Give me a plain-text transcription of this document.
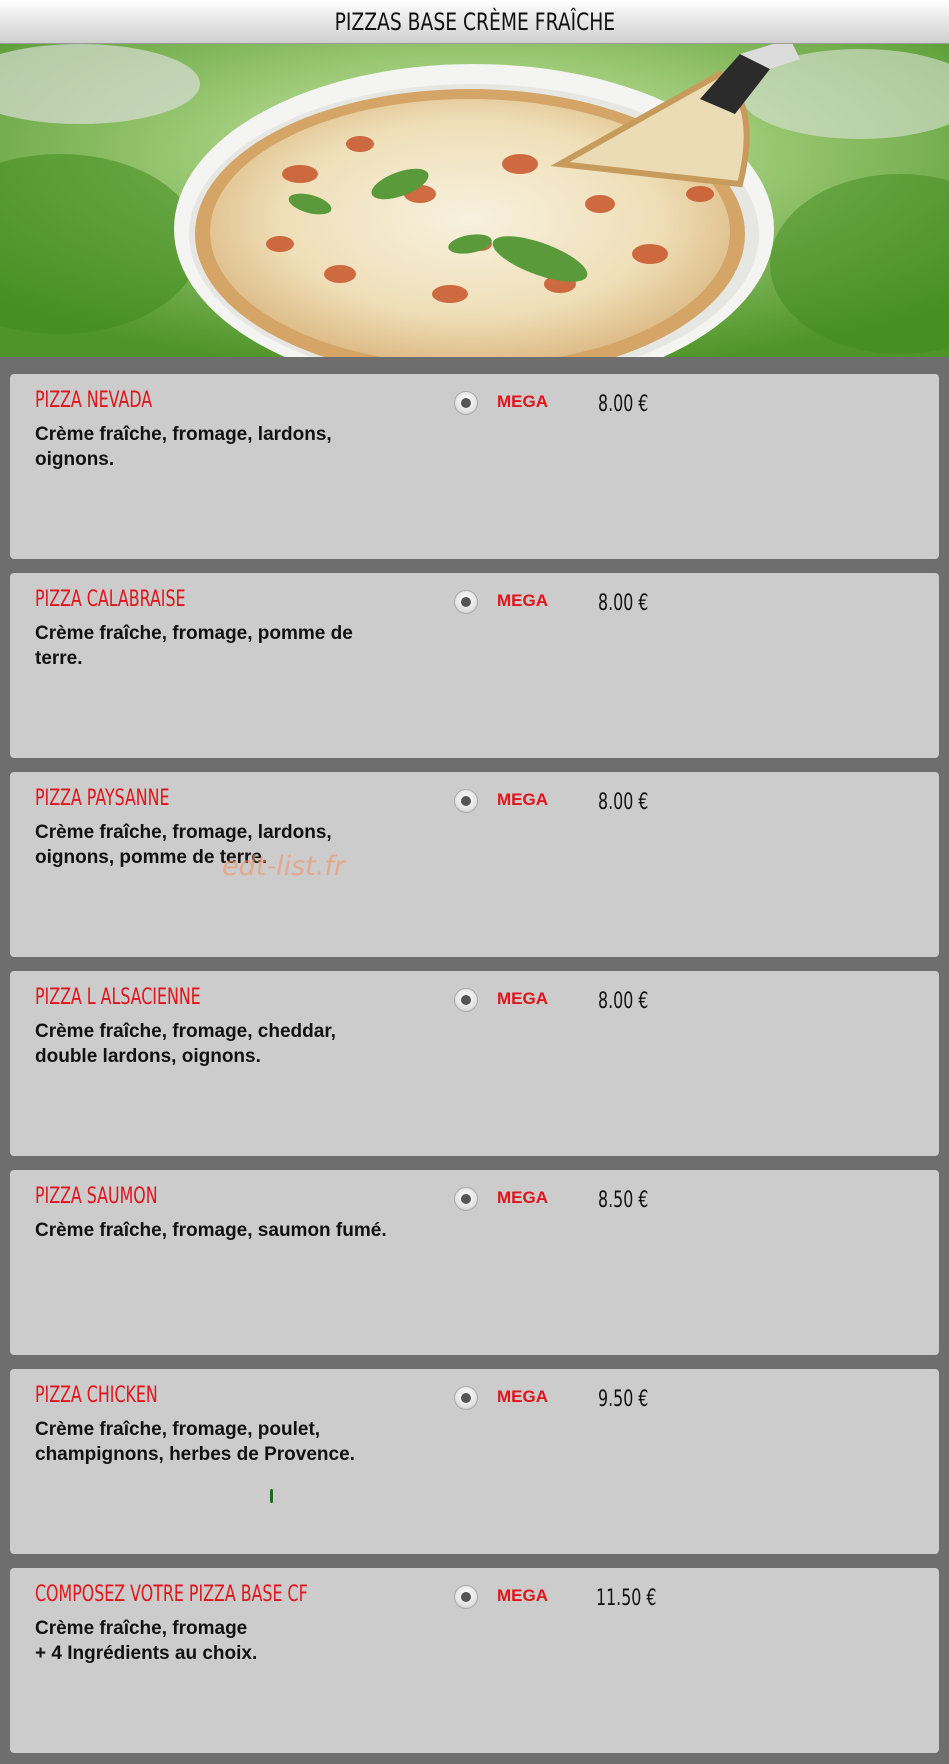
PIZZAS BASE CRÈME FRAÎCHE
PIZZA NEVADA
Crème fraîche, fromage, lardons,
oignons.
MEGA 8.00 €
PIZZA CALABRAISE
Crème fraîche, fromage, pomme de
terre.
MEGA 8.00 €
PIZZA PAYSANNE
Crème fraîche, fromage, lardons,
oignons, pomme de terre.
MEGA 8.00 €
PIZZA L ALSACIENNE
Crème fraîche, fromage, cheddar,
double lardons, oignons.
MEGA 8.00 €
PIZZA SAUMON
Crème fraîche, fromage, saumon fumé.
MEGA 8.50 €
PIZZA CHICKEN
Crème fraîche, fromage, poulet,
champignons, herbes de Provence.
MEGA 9.50 €
COMPOSEZ VOTRE PIZZA BASE CF
Crème fraîche, fromage
+ 4 Ingrédients au choix.
MEGA 11.50 €
edt-list.fr
